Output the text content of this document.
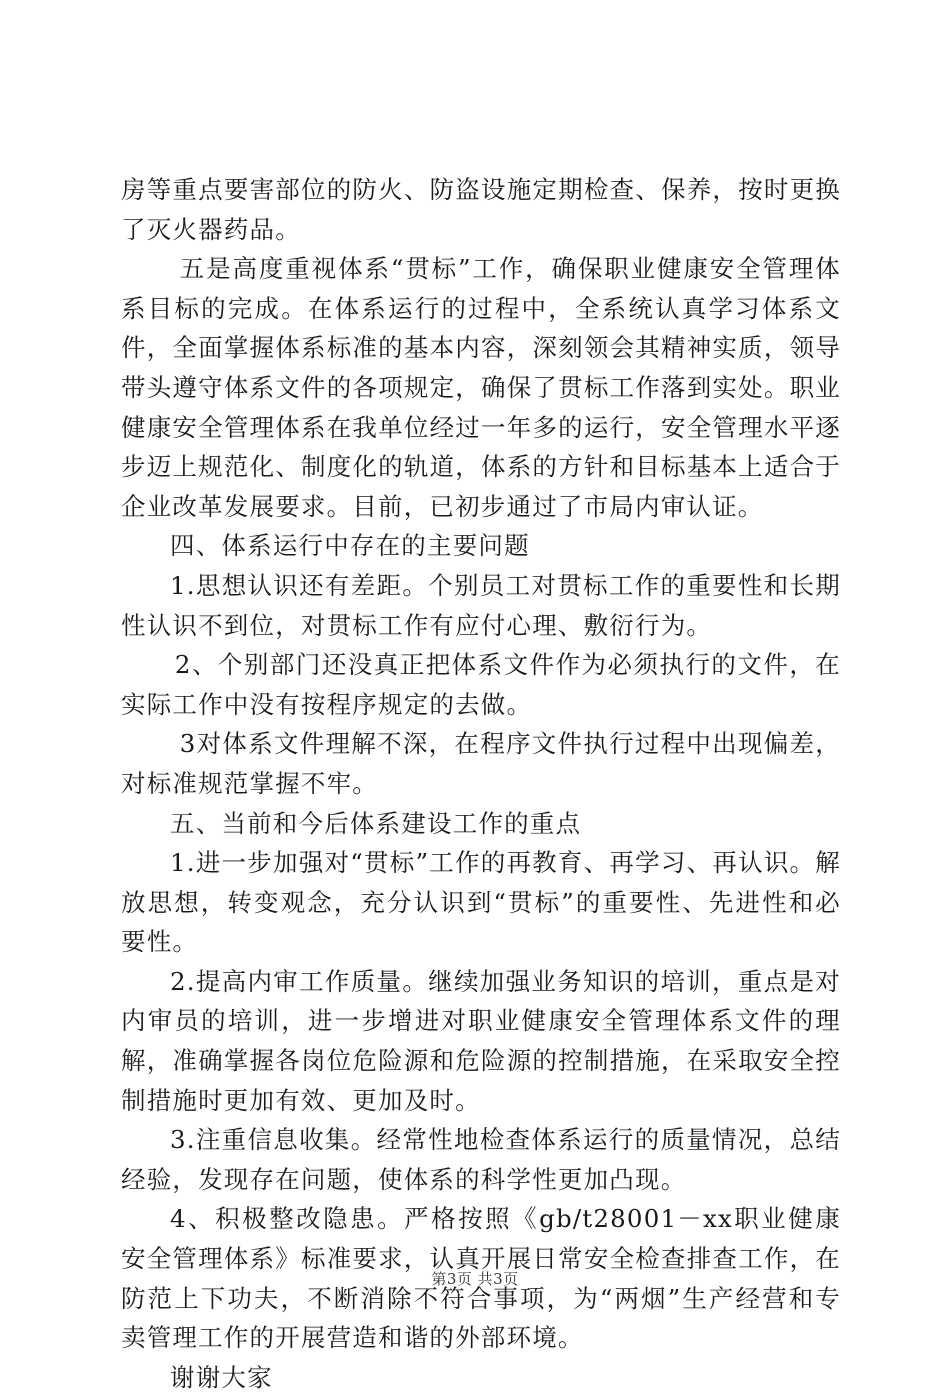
房等重点要害部位的防火、防盗设施定期检查、保养，按时更换了灭火器药品。

五是高度重视体系“贯标”工作，确保职业健康安全管理体系目标的完成。在体系运行的过程中，全系统认真学习体系文件，全面掌握体系标准的基本内容，深刻领会其精神实质，领导带头遵守体系文件的各项规定，确保了贯标工作落到实处。职业健康安全管理体系在我单位经过一年多的运行，安全管理水平逐步迈上规范化、制度化的轨道，体系的方针和目标基本上适合于企业改革发展要求。目前，已初步通过了市局内审认证。

四、体系运行中存在的主要问题

1.思想认识还有差距。个别员工对贯标工作的重要性和长期性认识不到位，对贯标工作有应付心理、敷衍行为。

2、个别部门还没真正把体系文件作为必须执行的文件，在实际工作中没有按程序规定的去做。

3对体系文件理解不深，在程序文件执行过程中出现偏差，对标准规范掌握不牢。

五、当前和今后体系建设工作的重点

1.进一步加强对“贯标”工作的再教育、再学习、再认识。解放思想，转变观念，充分认识到“贯标”的重要性、先进性和必要性。

2.提高内审工作质量。继续加强业务知识的培训，重点是对内审员的培训，进一步增进对职业健康安全管理体系文件的理解，准确掌握各岗位危险源和危险源的控制措施，在采取安全控制措施时更加有效、更加及时。

3.注重信息收集。经常性地检查体系运行的质量情况，总结经验，发现存在问题，使体系的科学性更加凸现。

4、积极整改隐患。严格按照《gb/t28001－xx职业健康安全管理体系》标准要求，认真开展日常安全检查排查工作，在防范上下功夫，不断消除不符合事项，为“两烟”生产经营和专卖管理工作的开展营造和谐的外部环境。

谢谢大家

第3页 共3页
